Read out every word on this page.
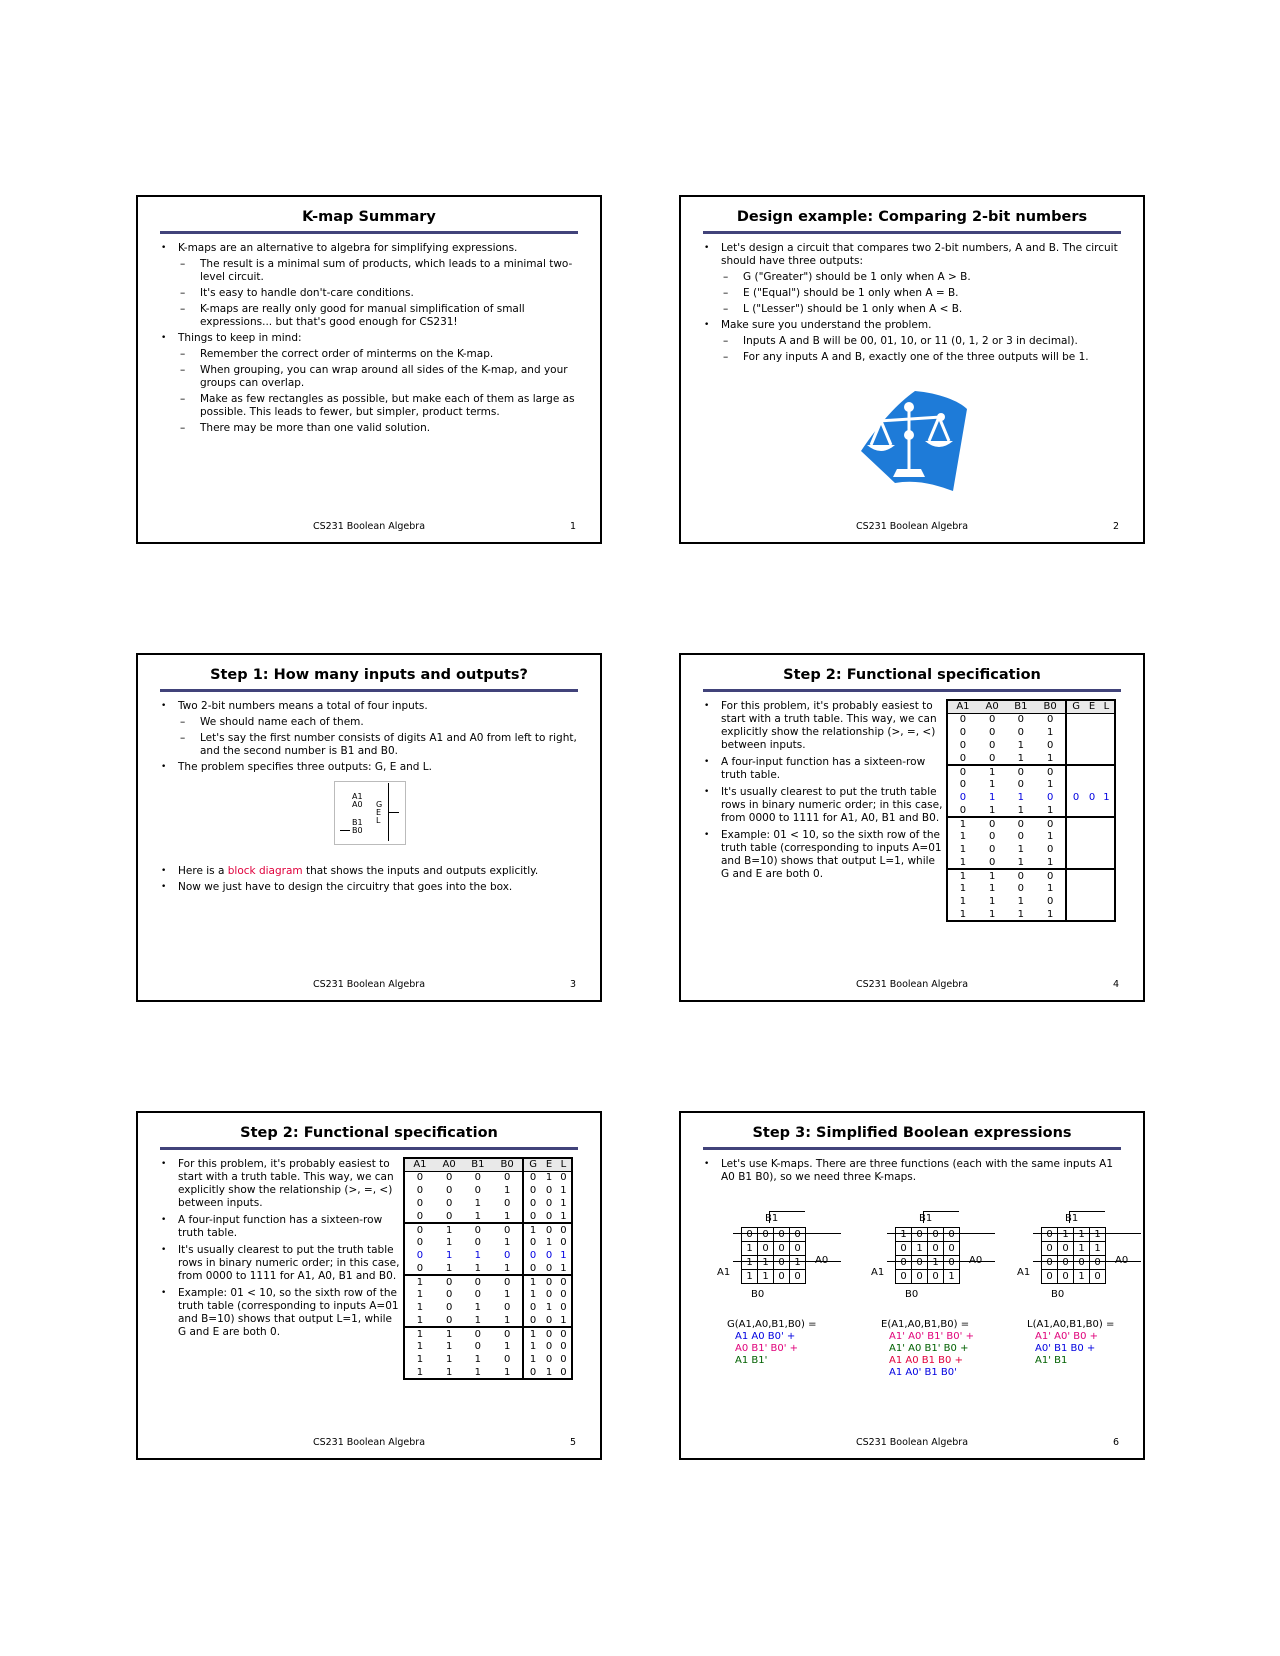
K-map Summary
• K-maps are an alternative to algebra for simplifying expressions.
– The result is a minimal sum of products, which leads to a minimal two-level circuit.
– It's easy to handle don't-care conditions.
– K-maps are really only good for manual simplification of small expressions... but that's good enough for CS231!
• Things to keep in mind:
– Remember the correct order of minterms on the K-map.
– When grouping, you can wrap around all sides of the K-map, and your groups can overlap.
– Make as few rectangles as possible, but make each of them as large as possible. This leads to fewer, but simpler, product terms.
– There may be more than one valid solution.
CS231 Boolean Algebra	1
Design example: Comparing 2-bit numbers
• Let's design a circuit that compares two 2-bit numbers, A and B. The circuit should have three outputs:
– G ("Greater") should be 1 only when A > B.
– E ("Equal") should be 1 only when A = B.
– L ("Lesser") should be 1 only when A < B.
• Make sure you understand the problem.
– Inputs A and B will be 00, 01, 10, or 11 (0, 1, 2 or 3 in decimal).
– For any inputs A and B, exactly one of the three outputs will be 1.
CS231 Boolean Algebra	2
Step 1: How many inputs and outputs?
• Two 2-bit numbers means a total of four inputs.
– We should name each of them.
– Let's say the first number consists of digits A1 and A0 from left to right, and the second number is B1 and B0.
• The problem specifies three outputs: G, E and L.
A1
A0
B1
B0
G
E
L
• Here is a block diagram that shows the inputs and outputs explicitly.
• Now we just have to design the circuitry that goes into the box.
CS231 Boolean Algebra	3
Step 2: Functional specification
• For this problem, it's probably easiest to start with a truth table. This way, we can explicitly show the relationship (>, =, <) between inputs.
• A four-input function has a sixteen-row truth table.
• It's usually clearest to put the truth table rows in binary numeric order; in this case, from 0000 to 1111 for A1, A0, B1 and B0.
• Example: 01 < 10, so the sixth row of the truth table (corresponding to inputs A=01 and B=10) shows that output L=1, while G and E are both 0.
A1	A0	B1	B0	G	E	L
0	0	0	0			
0	0	0	1			
0	0	1	0			
0	0	1	1			
0	1	0	0			
0	1	0	1			
0	1	1	0	0	0	1
0	1	1	1			
1	0	0	0			
1	0	0	1			
1	0	1	0			
1	0	1	1			
1	1	0	0			
1	1	0	1			
1	1	1	0			
1	1	1	1			
CS231 Boolean Algebra	4
Step 2: Functional specification
• For this problem, it's probably easiest to start with a truth table. This way, we can explicitly show the relationship (>, =, <) between inputs.
• A four-input function has a sixteen-row truth table.
• It's usually clearest to put the truth table rows in binary numeric order; in this case, from 0000 to 1111 for A1, A0, B1 and B0.
• Example: 01 < 10, so the sixth row of the truth table (corresponding to inputs A=01 and B=10) shows that output L=1, while G and E are both 0.
A1	A0	B1	B0	G	E	L
0	0	0	0	0	1	0
0	0	0	1	0	0	1
0	0	1	0	0	0	1
0	0	1	1	0	0	1
0	1	0	0	1	0	0
0	1	0	1	0	1	0
0	1	1	0	0	0	1
0	1	1	1	0	0	1
1	0	0	0	1	0	0
1	0	0	1	1	0	0
1	0	1	0	0	1	0
1	0	1	1	0	0	1
1	1	0	0	1	0	0
1	1	0	1	1	0	0
1	1	1	0	1	0	0
1	1	1	1	0	1	0
CS231 Boolean Algebra	5
Step 3: Simplified Boolean expressions
• Let's use K-maps. There are three functions (each with the same inputs A1 A0 B1 B0), so we need three K-maps.
B1
B0
A0
A1
0	0	0	0
1	0	0	0
1	1	0	1
1	1	0	0
G(A1,A0,B1,B0) =
A1 A0 B0' +
A0 B1' B0' +
A1 B1'
B1
B0
A0
A1
1	0	0	0
0	1	0	0
0	0	1	0
0	0	0	1
E(A1,A0,B1,B0) =
A1' A0' B1' B0' +
A1' A0 B1' B0 +
A1 A0 B1 B0 +
A1 A0' B1 B0'
B1
B0
A0
A1
0	1	1	1
0	0	1	1
0	0	0	0
0	0	1	0
L(A1,A0,B1,B0) =
A1' A0' B0 +
A0' B1 B0 +
A1' B1
CS231 Boolean Algebra	6
